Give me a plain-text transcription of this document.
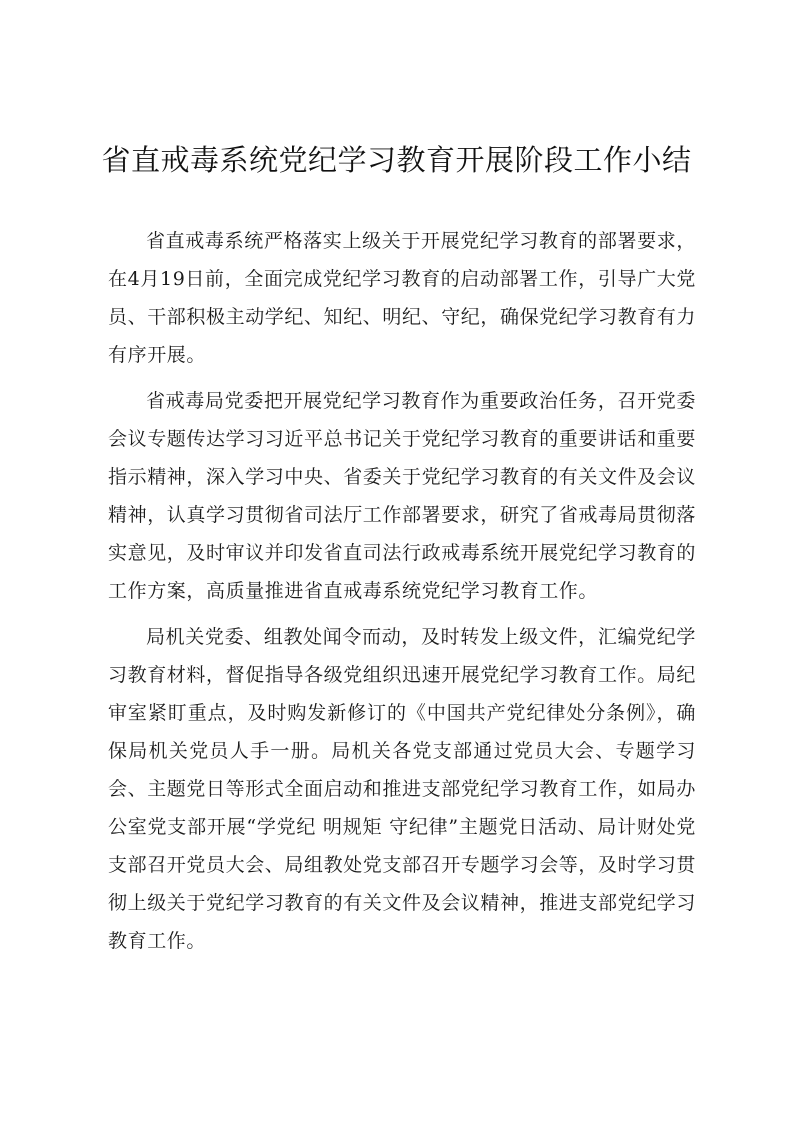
省直戒毒系统党纪学习教育开展阶段工作小结

省直戒毒系统严格落实上级关于开展党纪学习教育的部署要求，在4月19日前，全面完成党纪学习教育的启动部署工作，引导广大党员、干部积极主动学纪、知纪、明纪、守纪，确保党纪学习教育有力有序开展。

省戒毒局党委把开展党纪学习教育作为重要政治任务，召开党委会议专题传达学习习近平总书记关于党纪学习教育的重要讲话和重要指示精神，深入学习中央、省委关于党纪学习教育的有关文件及会议精神，认真学习贯彻省司法厅工作部署要求，研究了省戒毒局贯彻落实意见，及时审议并印发省直司法行政戒毒系统开展党纪学习教育的工作方案，高质量推进省直戒毒系统党纪学习教育工作。

局机关党委、组教处闻令而动，及时转发上级文件，汇编党纪学习教育材料，督促指导各级党组织迅速开展党纪学习教育工作。局纪审室紧盯重点，及时购发新修订的《中国共产党纪律处分条例》，确保局机关党员人手一册。局机关各党支部通过党员大会、专题学习会、主题党日等形式全面启动和推进支部党纪学习教育工作，如局办公室党支部开展“学党纪 明规矩 守纪律”主题党日活动、局计财处党支部召开党员大会、局组教处党支部召开专题学习会等，及时学习贯彻上级关于党纪学习教育的有关文件及会议精神，推进支部党纪学习教育工作。
